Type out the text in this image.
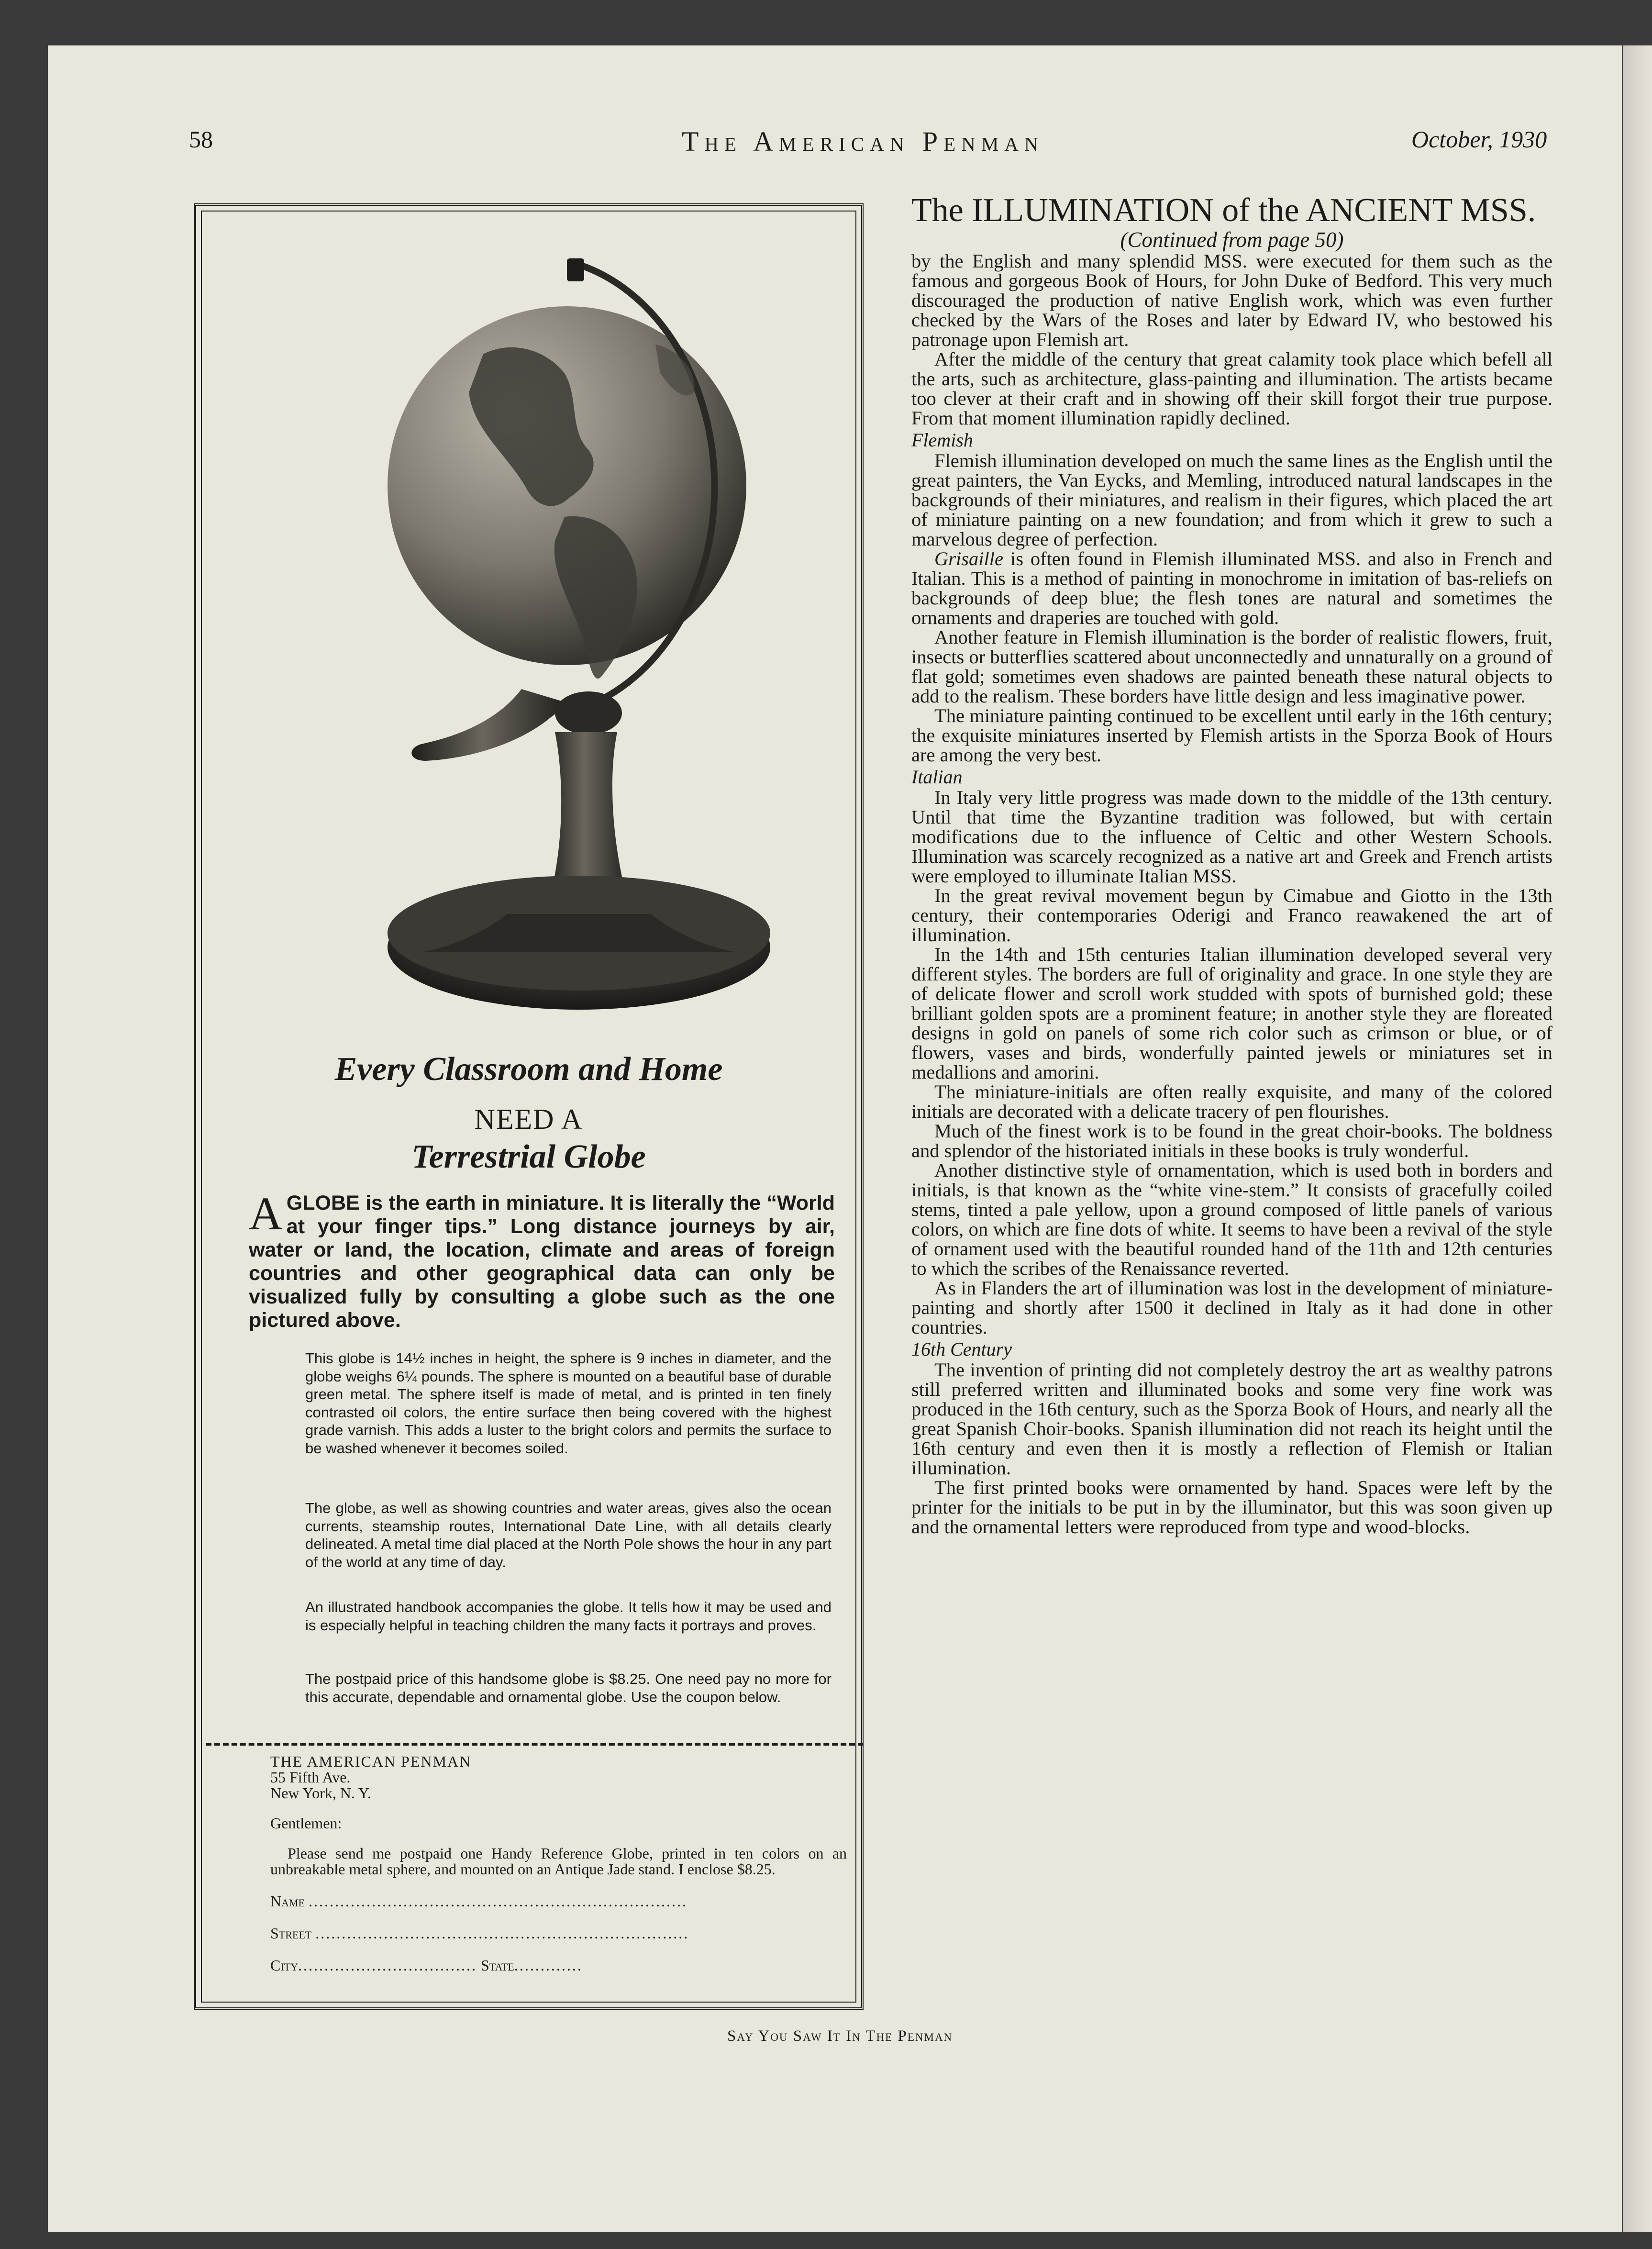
58	The American Penman	October, 1930
Every Classroom and Home
NEED A
Terrestrial Globe
AGLOBE is the earth in miniature. It is literally the “World at your finger tips.” Long distance journeys by air, water or land, the location, climate and areas of foreign countries and other geographical data can only be visualized fully by consulting a globe such as the one pictured above.

This globe is 14½ inches in height, the sphere is 9 inches in diameter, and the globe weighs 6¼ pounds. The sphere is mounted on a beautiful base of durable green metal. The sphere itself is made of metal, and is printed in ten finely contrasted oil colors, the entire surface then being covered with the highest grade varnish. This adds a luster to the bright colors and permits the surface to be washed whenever it becomes soiled.

The globe, as well as showing countries and water areas, gives also the ocean currents, steamship routes, International Date Line, with all details clearly delineated. A metal time dial placed at the North Pole shows the hour in any part of the world at any time of day.

An illustrated handbook accompanies the globe. It tells how it may be used and is especially helpful in teaching children the many facts it portrays and proves.

The postpaid price of this handsome globe is $8.25. One need pay no more for this accurate, dependable and ornamental globe. Use the coupon below.

THE AMERICAN PENMAN
55 Fifth Ave.
New York, N. Y.
Gentlemen:
Please send me postpaid one Handy Reference Globe, printed in ten colors on an unbreakable metal sphere, and mounted on an Antique Jade stand. I enclose $8.25.
Name ........................................................................
Street .......................................................................
City.................................. State.............
The ILLUMINATION of the ANCIENT MSS.
(Continued from page 50)

by the English and many splendid MSS. were executed for them such as the famous and gorgeous Book of Hours, for John Duke of Bedford. This very much discouraged the production of native English work, which was even further checked by the Wars of the Roses and later by Edward IV, who bestowed his patronage upon Flemish art.

After the middle of the century that great calamity took place which befell all the arts, such as architecture, glass-painting and illumination. The artists became too clever at their craft and in showing off their skill forgot their true purpose. From that moment illumination rapidly declined.

Flemish

Flemish illumination developed on much the same lines as the English until the great painters, the Van Eycks, and Memling, introduced natural landscapes in the backgrounds of their miniatures, and realism in their figures, which placed the art of miniature painting on a new foundation; and from which it grew to such a marvelous degree of perfection.

Grisaille is often found in Flemish illuminated MSS. and also in French and Italian. This is a method of painting in monochrome in imitation of bas-reliefs on backgrounds of deep blue; the flesh tones are natural and sometimes the ornaments and draperies are touched with gold.

Another feature in Flemish illumination is the border of realistic flowers, fruit, insects or butterflies scattered about unconnectedly and unnaturally on a ground of flat gold; sometimes even shadows are painted beneath these natural objects to add to the realism. These borders have little design and less imaginative power.

The miniature painting continued to be excellent until early in the 16th century; the exquisite miniatures inserted by Flemish artists in the Sporza Book of Hours are among the very best.

Italian

In Italy very little progress was made down to the middle of the 13th century. Until that time the Byzantine tradition was followed, but with certain modifications due to the influence of Celtic and other Western Schools. Illumination was scarcely recognized as a native art and Greek and French artists were employed to illuminate Italian MSS.

In the great revival movement begun by Cimabue and Giotto in the 13th century, their contemporaries Oderigi and Franco reawakened the art of illumination.

In the 14th and 15th centuries Italian illumination developed several very different styles. The borders are full of originality and grace. In one style they are of delicate flower and scroll work studded with spots of burnished gold; these brilliant golden spots are a prominent feature; in another style they are floreated designs in gold on panels of some rich color such as crimson or blue, or of flowers, vases and birds, wonderfully painted jewels or miniatures set in medallions and amorini.

The miniature-initials are often really exquisite, and many of the colored initials are decorated with a delicate tracery of pen flourishes.

Much of the finest work is to be found in the great choir-books. The boldness and splendor of the historiated initials in these books is truly wonderful.

Another distinctive style of ornamentation, which is used both in borders and initials, is that known as the “white vine-stem.” It consists of gracefully coiled stems, tinted a pale yellow, upon a ground composed of little panels of various colors, on which are fine dots of white. It seems to have been a revival of the style of ornament used with the beautiful rounded hand of the 11th and 12th centuries to which the scribes of the Renaissance reverted.

As in Flanders the art of illumination was lost in the development of miniature-painting and shortly after 1500 it declined in Italy as it had done in other countries.

16th Century

The invention of printing did not completely destroy the art as wealthy patrons still preferred written and illuminated books and some very fine work was produced in the 16th century, such as the Sporza Book of Hours, and nearly all the great Spanish Choir-books. Spanish illumination did not reach its height until the 16th century and even then it is mostly a reflection of Flemish or Italian illumination.

The first printed books were ornamented by hand. Spaces were left by the printer for the initials to be put in by the illuminator, but this was soon given up and the ornamental letters were reproduced from type and wood-blocks.

Say You Saw It In The Penman
